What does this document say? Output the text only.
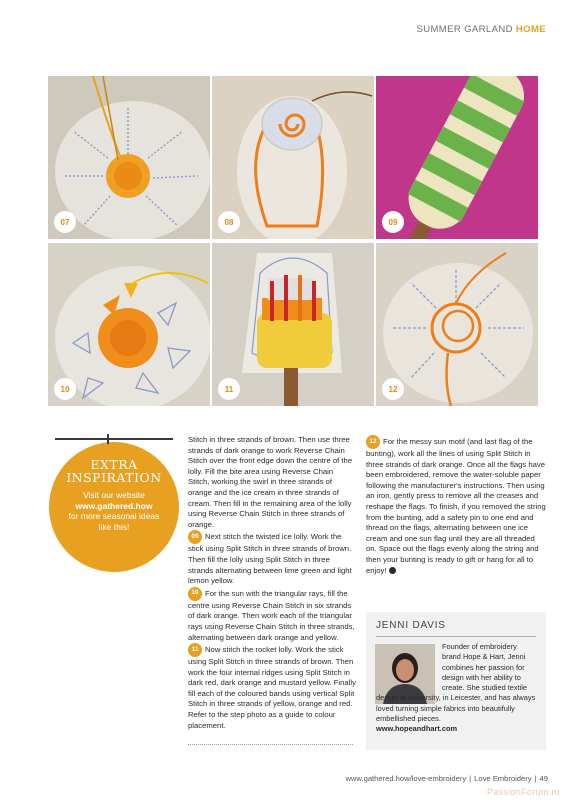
SUMMER GARLAND HOME
07	08	09
10	11	12
EXTRA
INSPIRATION

Visit our website
www.gathered.how
for more seasonal ideas like this!

Stitch in three strands of brown. Then use three strands of dark orange to work Reverse Chain Stitch over the front edge down the centre of the lolly. Fill the bite area using Reverse Chain Stitch, working the swirl in three strands of orange and the ice cream in three strands of cream. Then fill in the remaining area of the lolly using Reverse Chain Stitch in three strands of orange.

09 Next stitch the twisted ice lolly. Work the stick using Split Stitch in three strands of brown. Then fill the lolly using Split Stitch in three strands alternating between lime green and light lemon yellow.

10 For the sun with the triangular rays, fill the centre using Reverse Chain Stitch in six strands of dark orange. Then work each of the triangular rays using Reverse Chain Stitch in three strands, alternating between dark orange and yellow.

11 Now stitch the rocket lolly. Work the stick using Split Stitch in three strands of brown. Then work the four internal ridges using Split Stitch in dark red, dark orange and mustard yellow. Finally fill each of the coloured bands using vertical Split Stitch in three strands of yellow, orange and red. Refer to the step photo as a guide to colour placement.

12 For the messy sun motif (and last flag of the bunting), work all the lines of using Split Stitch in three strands of dark orange. Once all the flags have been embroidered, remove the water-soluble paper following the manufacturer's instructions. Then using an iron, gently press to remove all the creases and reshape the flags. To finish, if you removed the string from the bunting, add a safety pin to one end and thread on the flags, alternating between one ice cream and one sun flag until they are all threaded on. Space out the flags evenly along the string and then your bunting is ready to gift or hang for all to enjoy!

JENNI DAVIS
Founder of embroidery
brand Hope & Hart, Jenni
combines her passion for
design with her ability to
create. She studied textile
design at university, in Leicester, and has always loved turning simple fabrics into beautifully embellished pieces.
www.hopeandhart.com
www.gathered.how/love-embroidery | Love Embroidery | 49
PassionForum.ru
